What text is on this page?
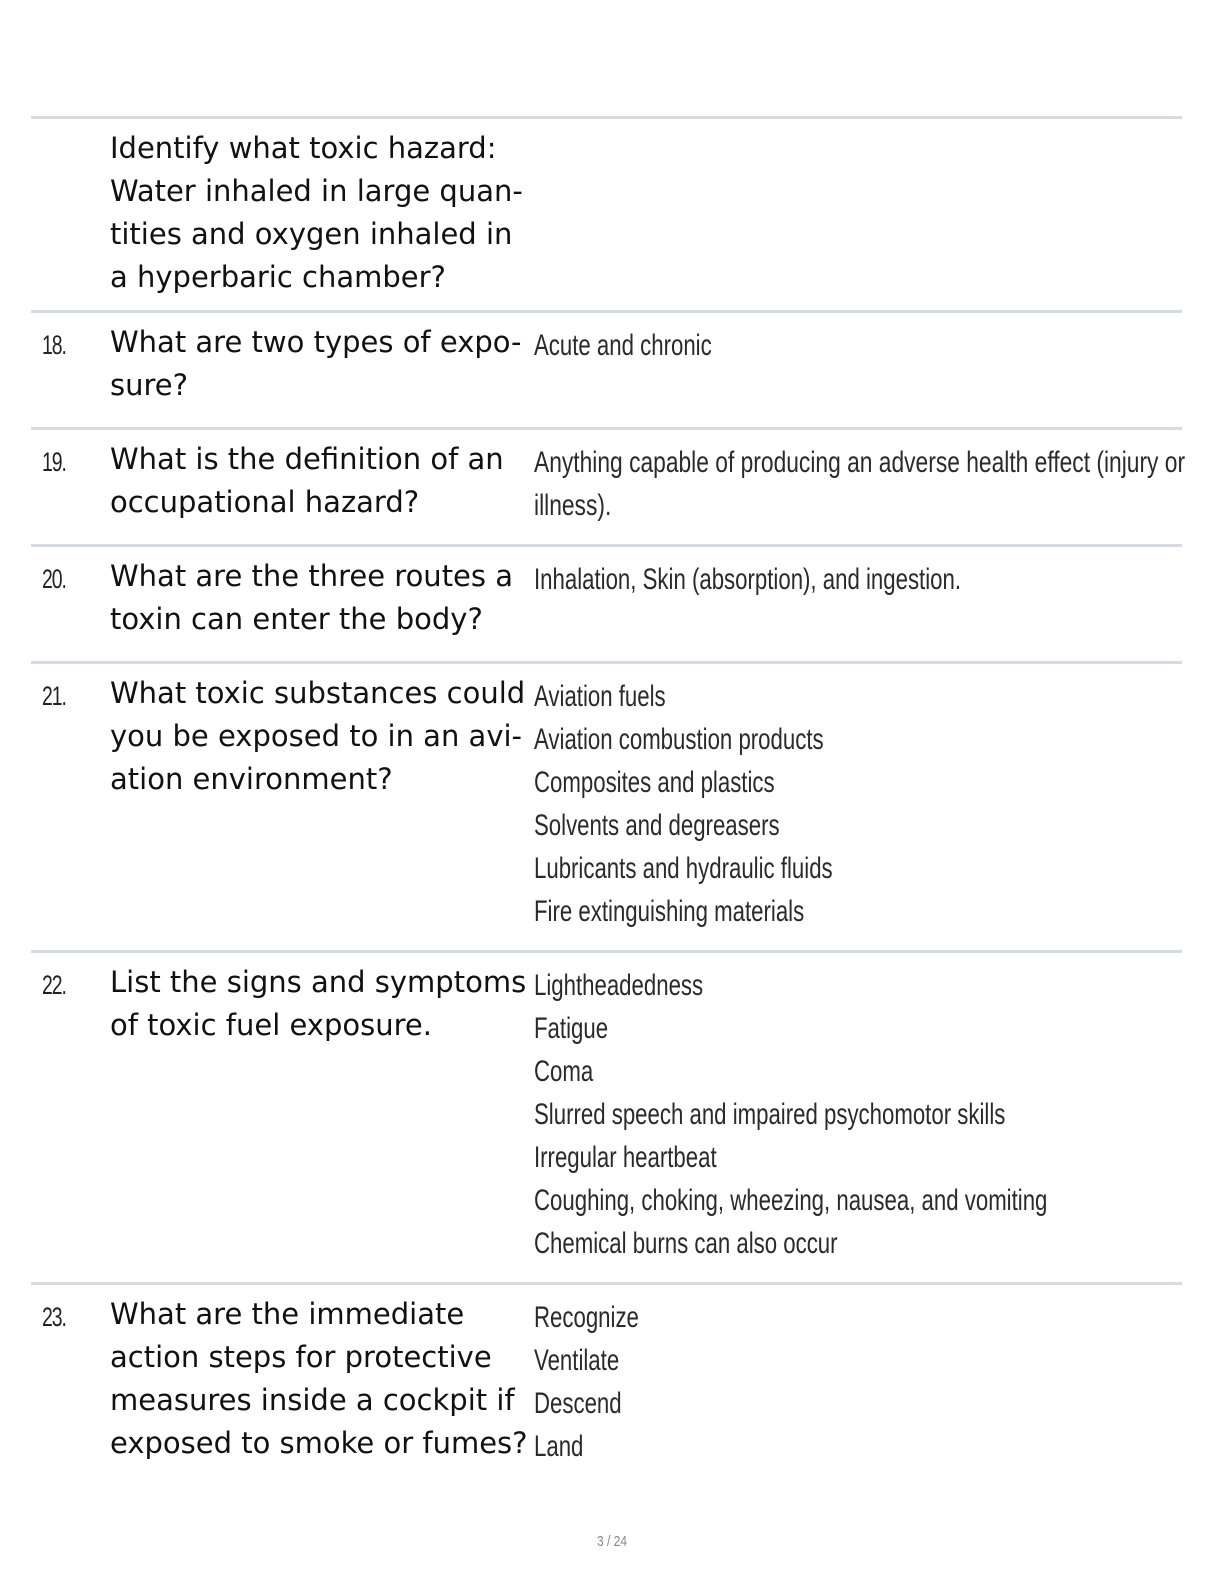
Identify what toxic hazard:
Water inhaled in large quan-
tities and oxygen inhaled in
a hyperbaric chamber?
18. What are two types of expo-
sure?
Acute and chronic
19. What is the definition of an
occupational hazard?
Anything capable of producing an adverse health effect (injury or
illness).
20. What are the three routes a
toxin can enter the body?
Inhalation, Skin (absorption), and ingestion.
21. What toxic substances could
you be exposed to in an avi-
ation environment?
Aviation fuels
Aviation combustion products
Composites and plastics
Solvents and degreasers
Lubricants and hydraulic fluids
Fire extinguishing materials
22. List the signs and symptoms
of toxic fuel exposure.
Lightheadedness
Fatigue
Coma
Slurred speech and impaired psychomotor skills
Irregular heartbeat
Coughing, choking, wheezing, nausea, and vomiting
Chemical burns can also occur
23. What are the immediate
action steps for protective
measures inside a cockpit if
exposed to smoke or fumes?
Recognize
Ventilate
Descend
Land
3 / 24
